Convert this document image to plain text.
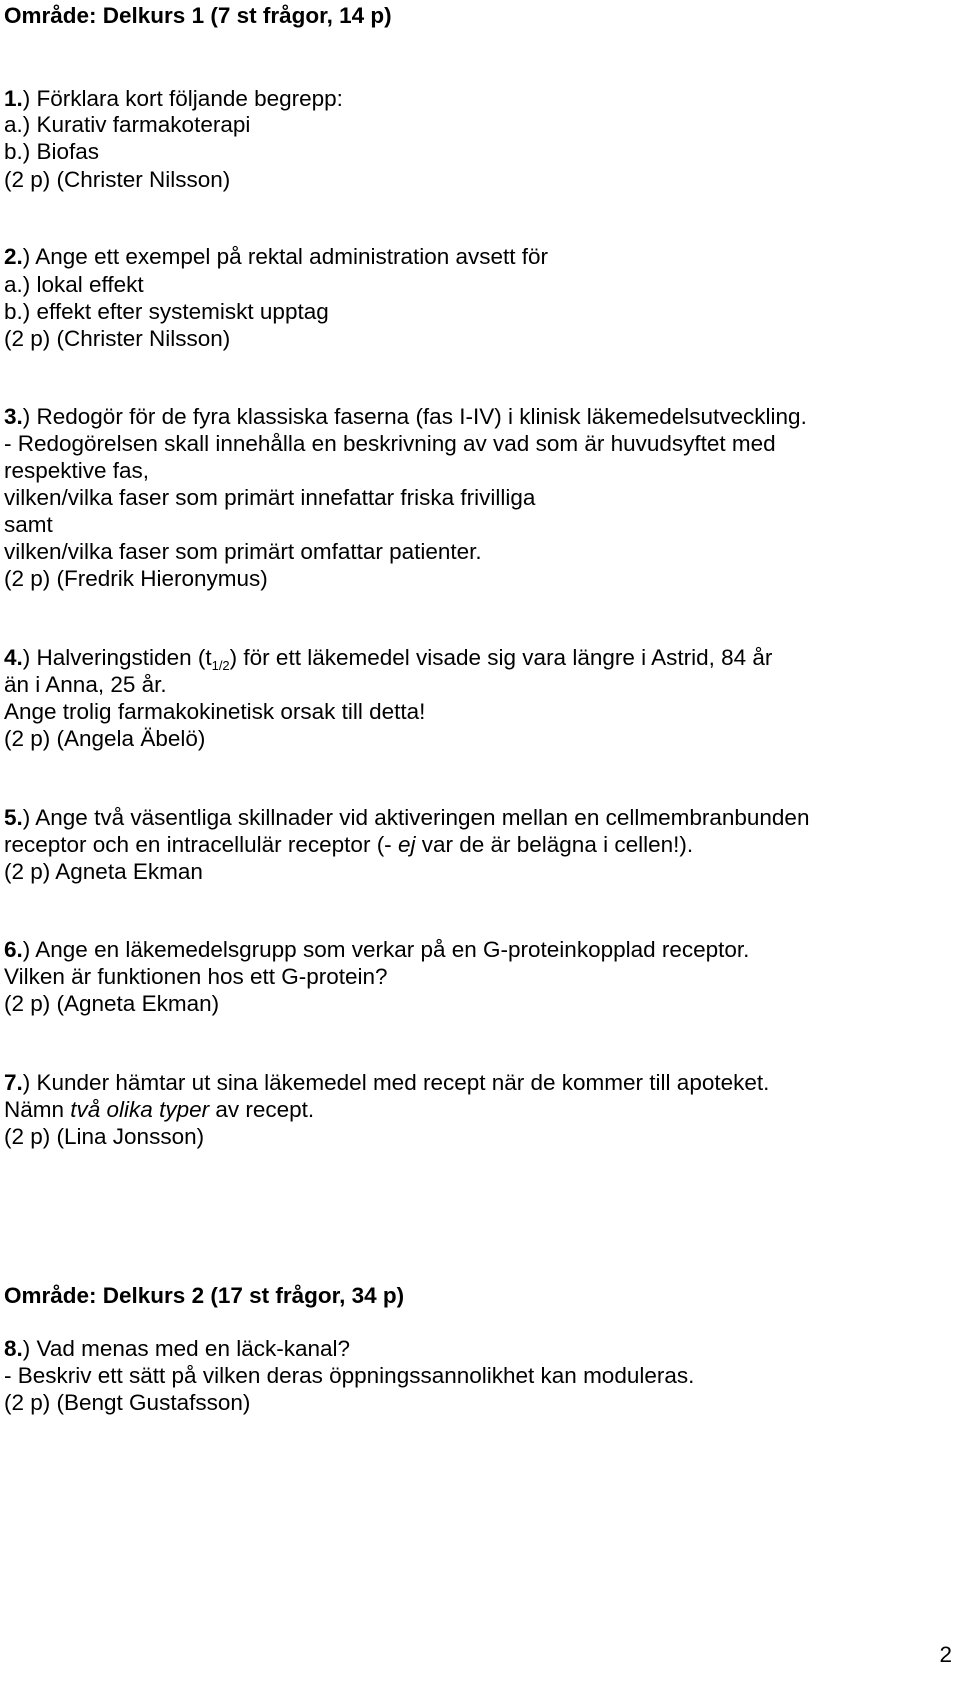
Område: Delkurs 1 (7 st frågor, 14 p)
1.) Förklara kort följande begrepp:
a.) Kurativ farmakoterapi
b.) Biofas
(2 p) (Christer Nilsson)
2.) Ange ett exempel på rektal administration avsett för
a.) lokal effekt
b.) effekt efter systemiskt upptag
(2 p) (Christer Nilsson)
3.) Redogör för de fyra klassiska faserna (fas I-IV) i klinisk läkemedelsutveckling.
- Redogörelsen skall innehålla en beskrivning av vad som är huvudsyftet med
respektive fas,
vilken/vilka faser som primärt innefattar friska frivilliga
samt
vilken/vilka faser som primärt omfattar patienter.
(2 p) (Fredrik Hieronymus)
4.) Halveringstiden $(t_{1/2})$ för ett läkemedel visade sig vara längre i Astrid, 84 år
än i Anna, 25 år.
Ange trolig farmakokinetisk orsak till detta!
(2 p) (Angela Äbelö)
5.) Ange två väsentliga skillnader vid aktiveringen mellan en cellmembranbunden
receptor och en intracellulär receptor (- ej var de är belägna i cellen!).
(2 p) Agneta Ekman
6.) Ange en läkemedelsgrupp som verkar på en G-proteinkopplad receptor.
Vilken är funktionen hos ett G-protein?
(2 p) (Agneta Ekman)
7.) Kunder hämtar ut sina läkemedel med recept när de kommer till apoteket.
Nämn två olika typer av recept.
(2 p) (Lina Jonsson)
Område: Delkurs 2 (17 st frågor, 34 p)
8.) Vad menas med en läck-kanal?
- Beskriv ett sätt på vilken deras öppningssannolikhet kan moduleras.
(2 p) (Bengt Gustafsson)
2
